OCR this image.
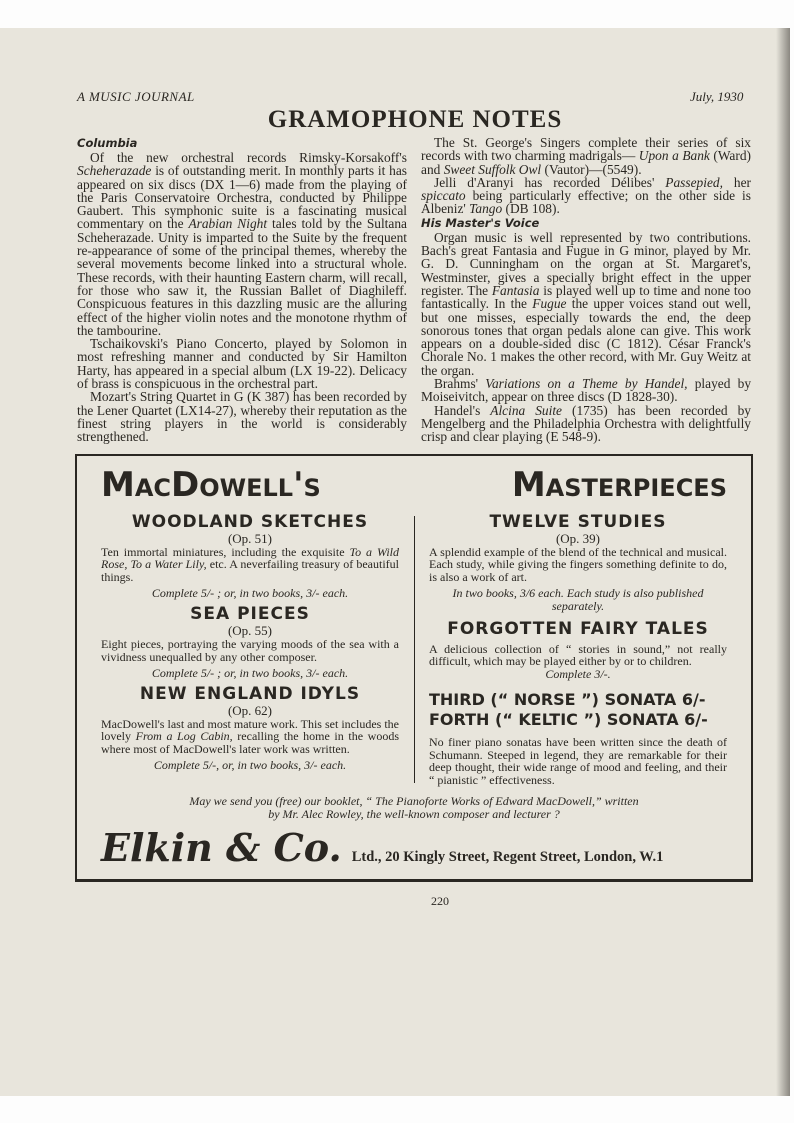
A MUSIC JOURNAL	July, 1930
GRAMOPHONE NOTES
Columbia

Of the new orchestral records Rimsky-Korsakoff's Scheherazade is of outstanding merit. In monthly parts it has appeared on six discs (DX 1—6) made from the playing of the Paris Conservatoire Orchestra, conducted by Philippe Gaubert. This symphonic suite is a fascinating musical commentary on the Arabian Night tales told by the Sultana Scheherazade. Unity is imparted to the Suite by the frequent re-appearance of some of the principal themes, whereby the several movements become linked into a structural whole. These records, with their haunting Eastern charm, will recall, for those who saw it, the Russian Ballet of Diaghileff. Conspicuous features in this dazzling music are the alluring effect of the higher violin notes and the monotone rhythm of the tambourine.

Tschaikovski's Piano Concerto, played by Solomon in most refreshing manner and conducted by Sir Hamilton Harty, has appeared in a special album (LX 19-22). Delicacy of brass is conspicuous in the orchestral part.

Mozart's String Quartet in G (K 387) has been recorded by the Lener Quartet (LX14-27), whereby their reputation as the finest string players in the world is considerably strengthened.

The St. George's Singers complete their series of six records with two charming madrigals— Upon a Bank (Ward) and Sweet Suffolk Owl (Vautor)—(5549).

Jelli d'Aranyi has recorded Délibes' Passepied, her spiccato being particularly effective; on the other side is Albeniz' Tango (DB 108).

His Master's Voice

Organ music is well represented by two contributions. Bach's great Fantasia and Fugue in G minor, played by Mr. G. D. Cunningham on the organ at St. Margaret's, Westminster, gives a specially bright effect in the upper register. The Fantasia is played well up to time and none too fantastically. In the Fugue the upper voices stand out well, but one misses, especially towards the end, the deep sonorous tones that organ pedals alone can give. This work appears on a double-sided disc (C 1812). César Franck's Chorale No. 1 makes the other record, with Mr. Guy Weitz at the organ.

Brahms' Variations on a Theme by Handel, played by Moiseivitch, appear on three discs (D 1828-30).

Handel's Alcina Suite (1735) has been recorded by Mengelberg and the Philadelphia Orchestra with delightfully crisp and clear playing (E 548-9).

MacDowell's	Masterpieces
WOODLAND SKETCHES
(Op. 51)
Ten immortal miniatures, including the exquisite To a Wild Rose, To a Water Lily, etc. A neverfailing treasury of beautiful things.
Complete 5/- ; or, in two books, 3/- each.
SEA PIECES
(Op. 55)
Eight pieces, portraying the varying moods of the sea with a vividness unequalled by any other composer.
Complete 5/- ; or, in two books, 3/- each.
NEW ENGLAND IDYLS
(Op. 62)
MacDowell's last and most mature work. This set includes the lovely From a Log Cabin, recalling the home in the woods where most of MacDowell's later work was written.
Complete 5/-, or, in two books, 3/- each.
TWELVE STUDIES
(Op. 39)
A splendid example of the blend of the technical and musical. Each study, while giving the fingers something definite to do, is also a work of art.
In two books, 3/6 each. Each study is also published separately.
FORGOTTEN FAIRY TALES
A delicious collection of “ stories in sound,” not really difficult, which may be played either by or to children.
Complete 3/-.
THIRD (“ NORSE ”) SONATA 6/-
FORTH (“ KELTIC ”) SONATA 6/-
No finer piano sonatas have been written since the death of Schumann. Steeped in legend, they are remarkable for their deep thought, their wide range of mood and feeling, and their “ pianistic ” effectiveness.
May we send you (free) our booklet, “ The Pianoforte Works of Edward MacDowell,” written by Mr. Alec Rowley, the well-known composer and lecturer ?
Elkin & Co. Ltd., 20 Kingly Street, Regent Street, London, W.1
220
